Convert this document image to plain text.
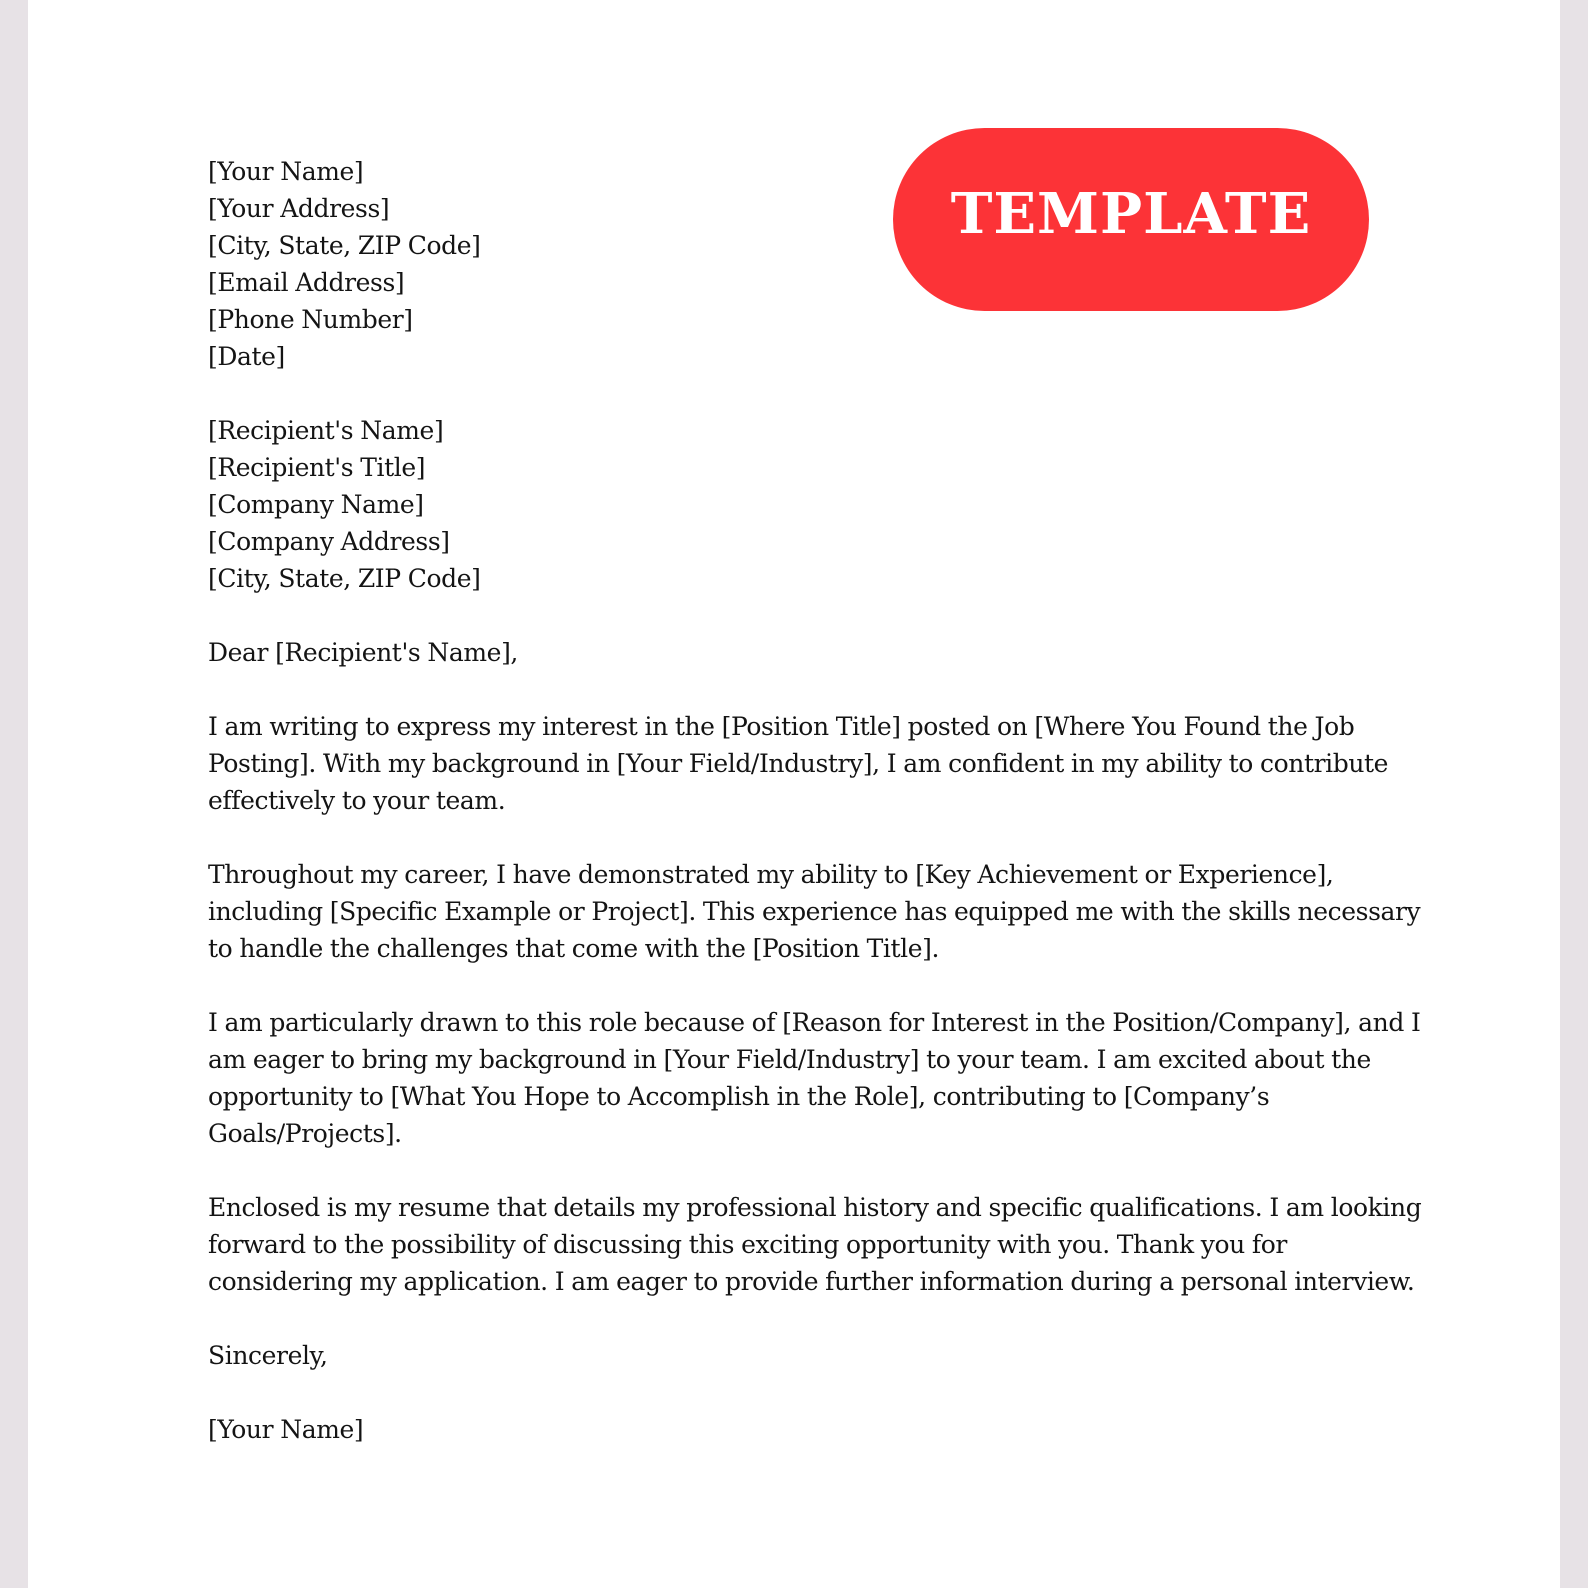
TEMPLATE
[Your Name]
[Your Address]
[City, State, ZIP Code]
[Email Address]
[Phone Number]
[Date]
[Recipient's Name]
[Recipient's Title]
[Company Name]
[Company Address]
[City, State, ZIP Code]
Dear [Recipient's Name],
I am writing to express my interest in the [Position Title] posted on [Where You Found the Job
Posting]. With my background in [Your Field/Industry], I am confident in my ability to contribute
effectively to your team.
Throughout my career, I have demonstrated my ability to [Key Achievement or Experience],
including [Specific Example or Project]. This experience has equipped me with the skills necessary
to handle the challenges that come with the [Position Title].
I am particularly drawn to this role because of [Reason for Interest in the Position/Company], and I
am eager to bring my background in [Your Field/Industry] to your team. I am excited about the
opportunity to [What You Hope to Accomplish in the Role], contributing to [Company’s
Goals/Projects].
Enclosed is my resume that details my professional history and specific qualifications. I am looking
forward to the possibility of discussing this exciting opportunity with you. Thank you for
considering my application. I am eager to provide further information during a personal interview.
Sincerely,
[Your Name]
